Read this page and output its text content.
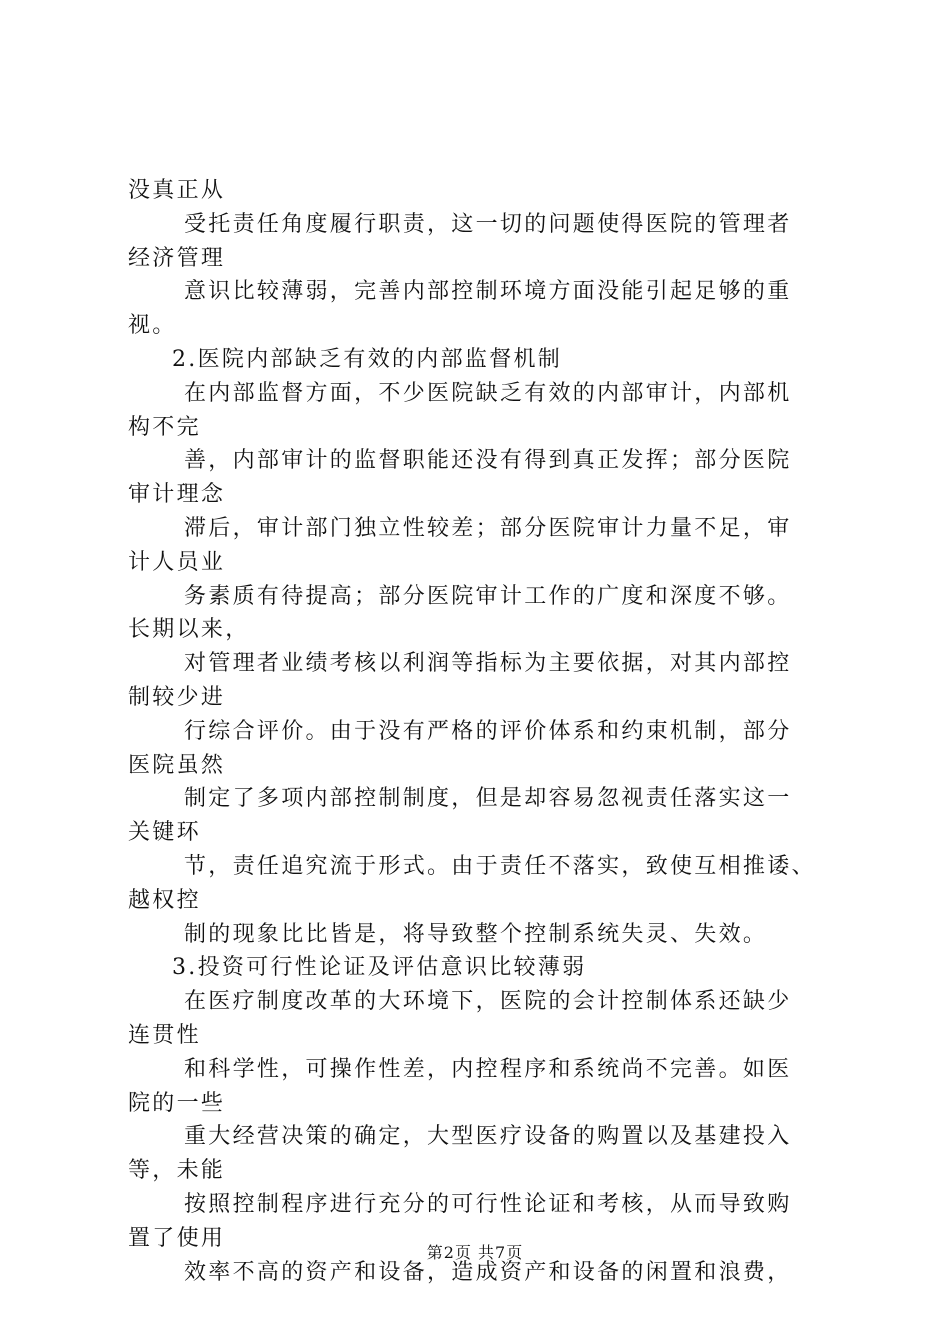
没真正从
受托责任角度履行职责，这一切的问题使得医院的管理者
经济管理
意识比较薄弱，完善内部控制环境方面没能引起足够的重
视。
2.医院内部缺乏有效的内部监督机制
在内部监督方面，不少医院缺乏有效的内部审计，内部机
构不完
善，内部审计的监督职能还没有得到真正发挥；部分医院
审计理念
滞后，审计部门独立性较差；部分医院审计力量不足，审
计人员业
务素质有待提高；部分医院审计工作的广度和深度不够。
长期以来，
对管理者业绩考核以利润等指标为主要依据，对其内部控
制较少进
行综合评价。由于没有严格的评价体系和约束机制，部分
医院虽然
制定了多项内部控制制度，但是却容易忽视责任落实这一
关键环
节，责任追究流于形式。由于责任不落实，致使互相推诿、
越权控
制的现象比比皆是，将导致整个控制系统失灵、失效。
3.投资可行性论证及评估意识比较薄弱
在医疗制度改革的大环境下，医院的会计控制体系还缺少
连贯性
和科学性，可操作性差，内控程序和系统尚不完善。如医
院的一些
重大经营决策的确定，大型医疗设备的购置以及基建投入
等，未能
按照控制程序进行充分的可行性论证和考核，从而导致购
置了使用
效率不高的资产和设备，造成资产和设备的闲置和浪费，
第2页 共7页
